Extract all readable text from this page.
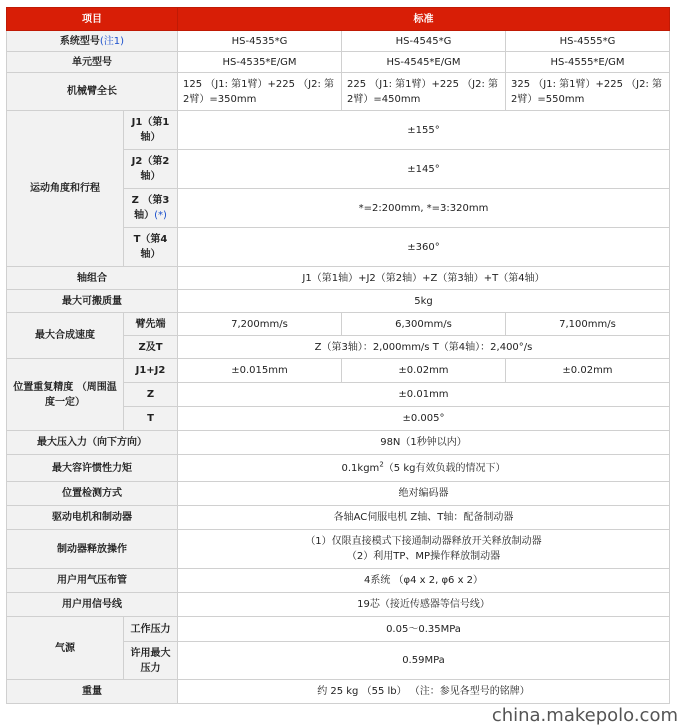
项目		标准		
系统型号(注1)		HS-4535*G	HS-4545*G	HS-4555*G
单元型号		HS-4535*E/GM	HS-4545*E/GM	HS-4555*E/GM
机械臂全长		125 （J1: 第1臂）+225 （J2: 第 2臂）=350mm	225 （J1: 第1臂）+225 （J2: 第2臂）=450mm	325 （J1: 第1臂）+225 （J2: 第2臂）=550mm
运动角度和行程	J1（第1轴）	±155°		
	J2（第2轴）	±145°		
	Z （第3轴）(*)	*=2:200mm, *=3:320mm		
	T（第4轴）	±360°		
轴组合		J1（第1轴）+J2（第2轴）+Z（第3轴）+T（第4轴）		
最大可搬质量		5kg		
最大合成速度	臂先端	7,200mm/s	6,300mm/s	7,100mm/s
	Z及T	Z（第3轴）：2,000mm/s T（第4轴）：2,400°/s		
位置重复精度 （周围温度一定）	J1+J2	±0.015mm	±0.02mm	±0.02mm
	Z	±0.01mm		
	T	±0.005°		
最大压入力（向下方向）		98N（1秒钟以内）		
最大容许惯性力矩		0.1kgm$^2$（5 kg有效负载的情况下）		
位置检测方式		绝对编码器		
驱动电机和制动器		各轴AC伺服电机 Z轴、T轴：配备制动器		
制动器释放操作		（1）仅限直接模式下接通制动器释放开关释放制动器
（2）利用TP、MP操作释放制动器		

用户用气压布管		4系统 （φ4 x 2, φ6 x 2）		
用户用信号线		19芯（接近传感器等信号线）		
气源	工作压力	0.05～0.35MPa		
	许用最大压力	0.59MPa		
重量		约 25 kg （55 lb） （注：参见各型号的铭牌）		
china.makepolo.com
